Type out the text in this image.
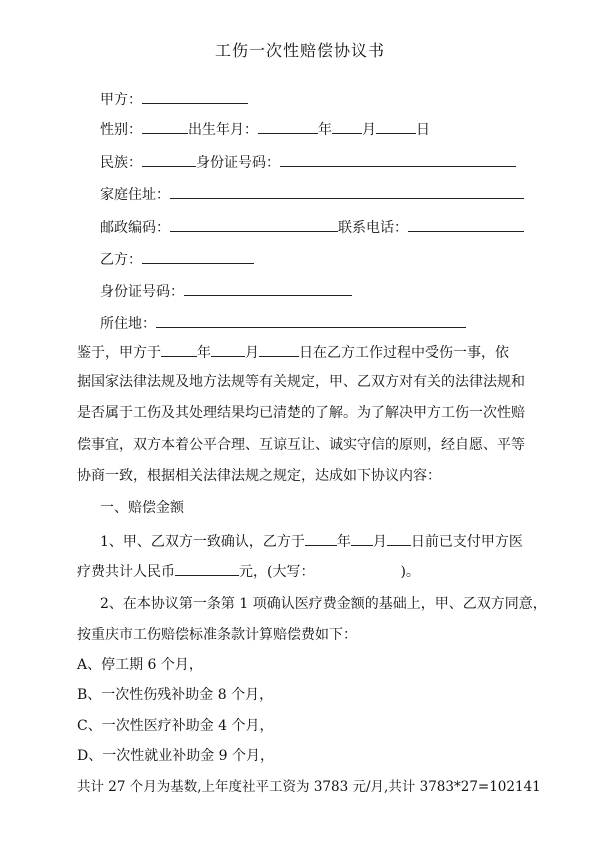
工伤一次性赔偿协议书
甲方：
性别：	出生年月：	年 月	日
民族：	身份证号码：
家庭住址：
邮政编码：	联系电话：
乙方：
身份证号码：
所住地：
鉴于，甲方于	年 月	日在乙方工作过程中受伤一事，依
据国家法律法规及地方法规等有关规定，甲、乙双方对有关的法律法规和
是否属于工伤及其处理结果均已清楚的了解。为了解决甲方工伤一次性赔
偿事宜，双方本着公平合理、互谅互让、诚实守信的原则，经自愿、平等
协商一致，根据相关法律法规之规定，达成如下协议内容：
一、赔偿金额
1、甲、乙双方一致确认，乙方于 年 月 日前已支付甲方医
疗费共计人民币	元，(大写：	)。
2、在本协议第一条第 1 项确认医疗费金额的基础上，甲、乙双方同意，
按重庆市工伤赔偿标准条款计算赔偿费如下：
A、停工期 6 个月，
B、一次性伤残补助金 8 个月，
C、一次性医疗补助金 4 个月，
D、一次性就业补助金 9 个月，
共计 27 个月为基数,上年度社平工资为 3783 元/月,共计 3783*27=102141
